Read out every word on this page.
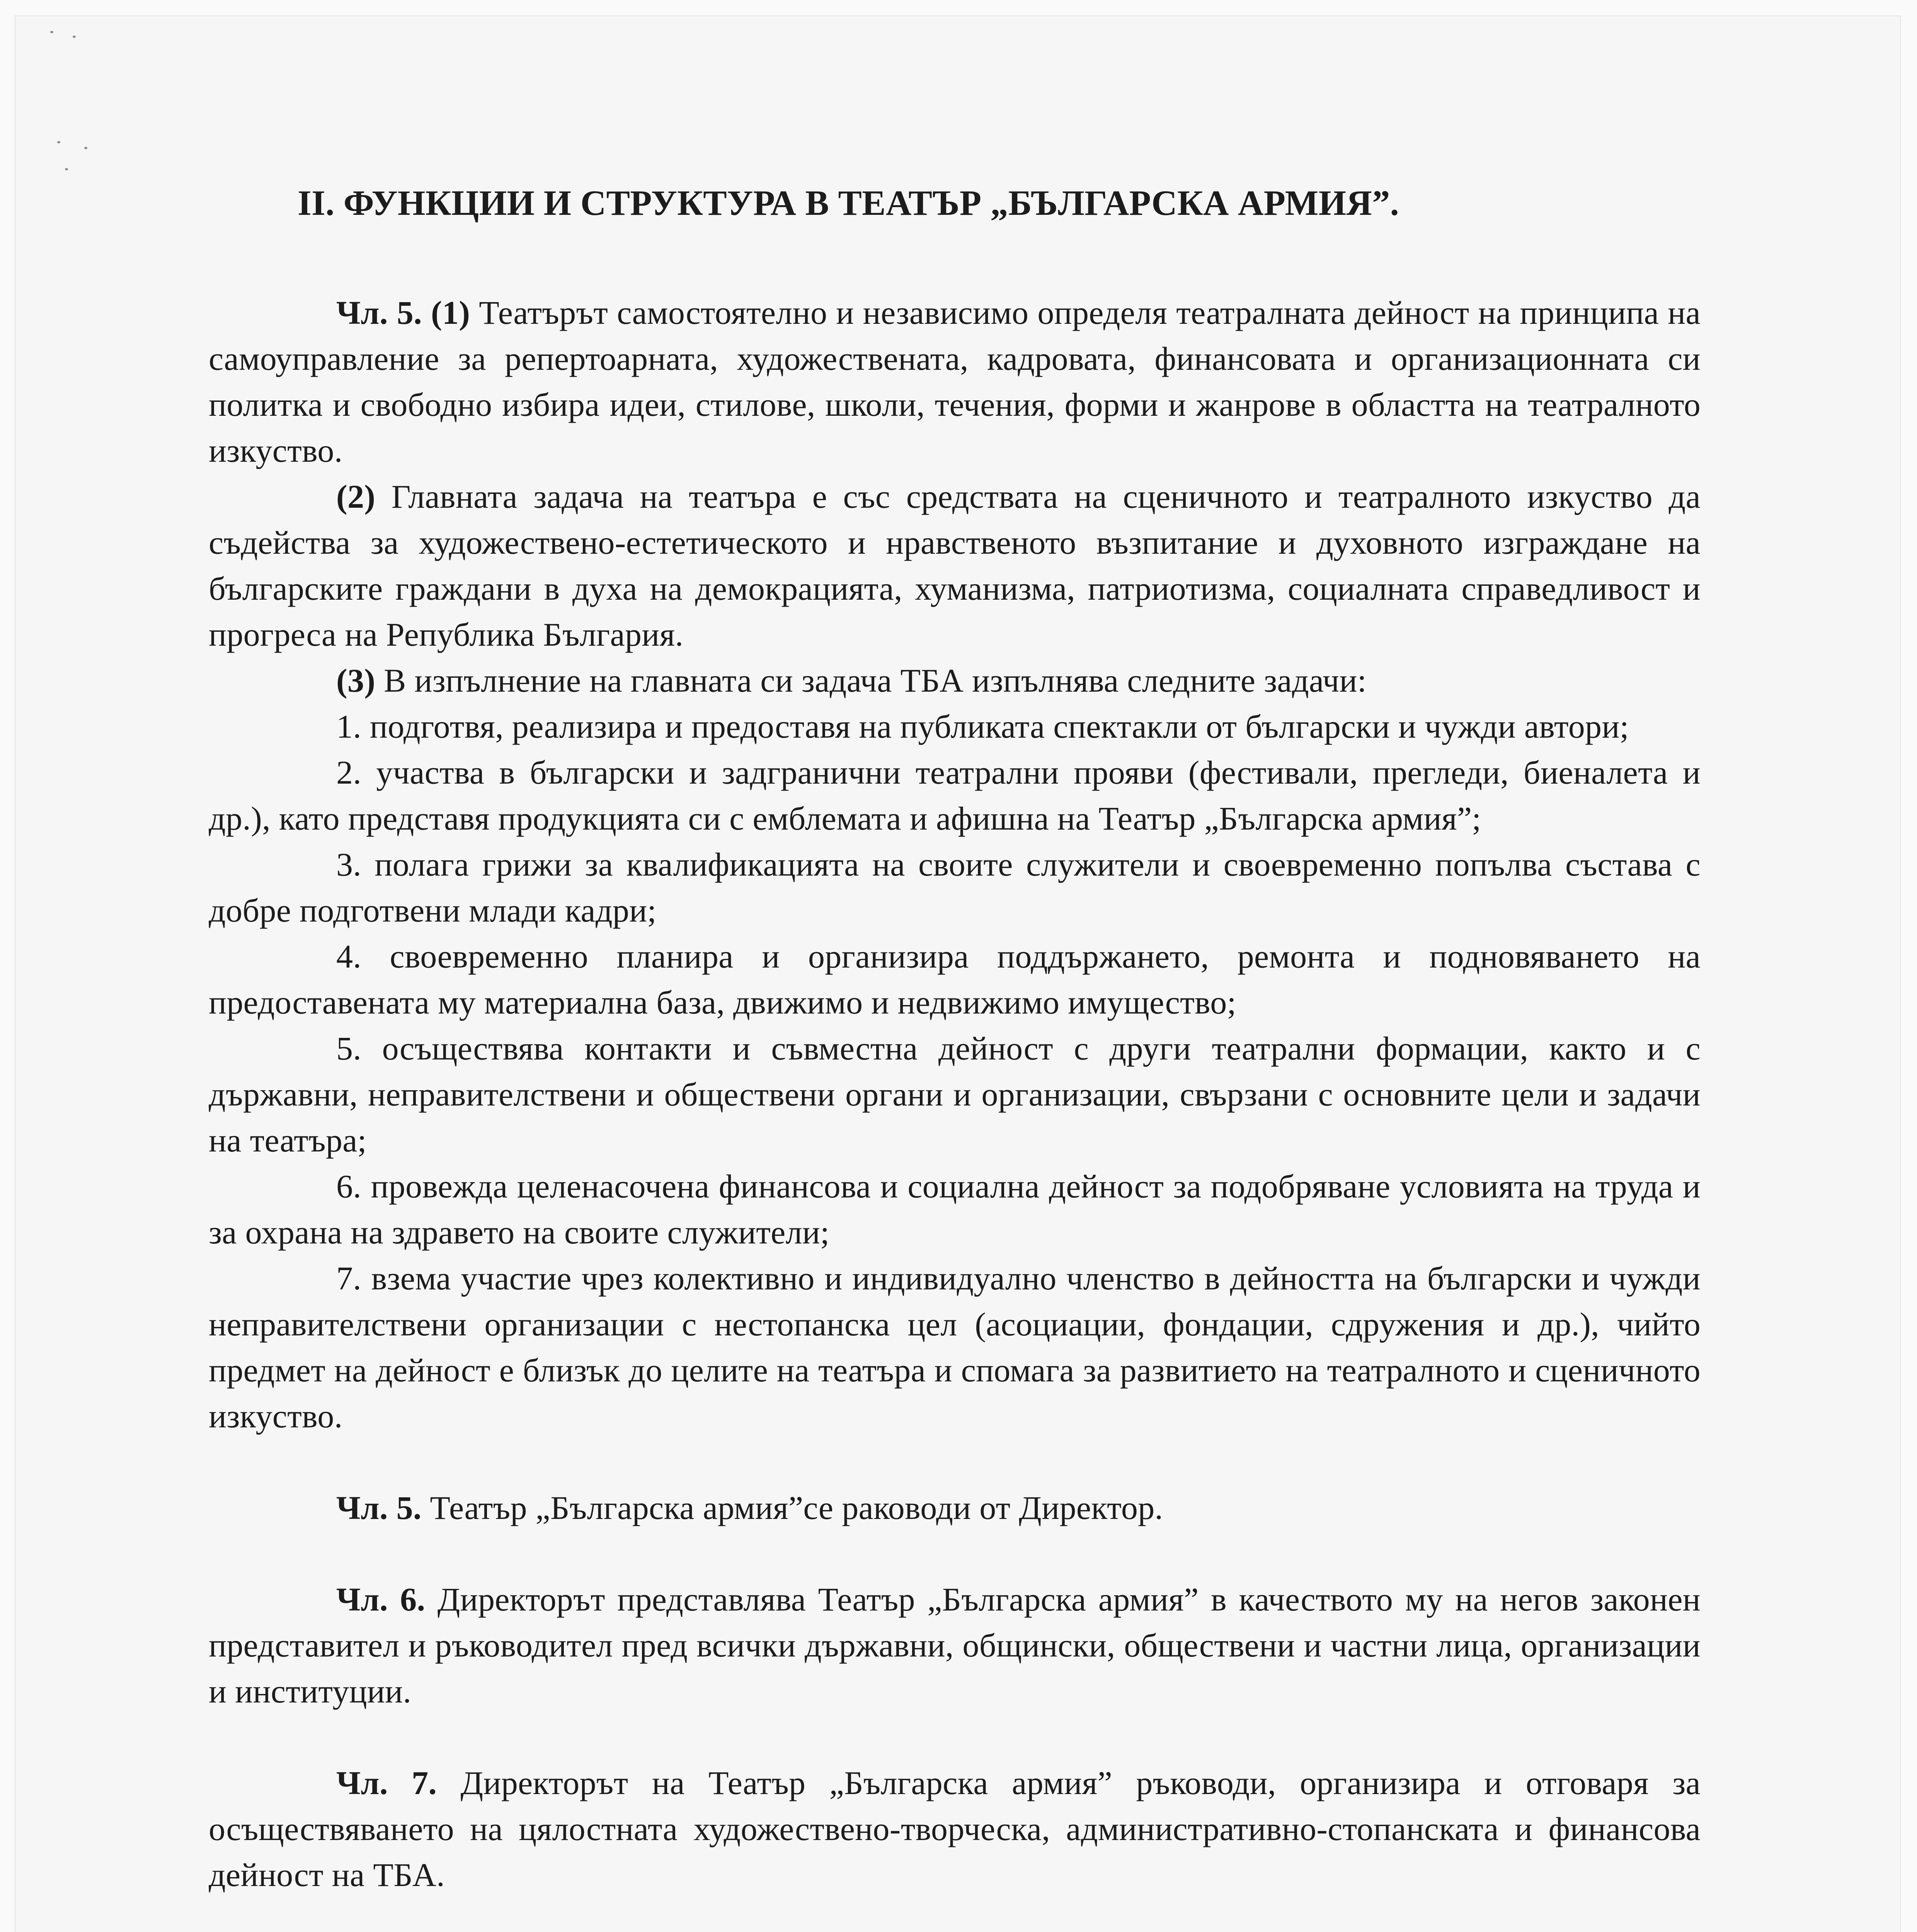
II. ФУНКЦИИ И СТРУКТУРА В ТЕАТЪР „БЪЛГАРСКА АРМИЯ”.

Чл. 5. (1) Театърът самостоятелно и независимо определя театралната дейност на принципа на самоуправление за репертоарната, художествената, кадровата, финансовата и организационната си политка и свободно избира идеи, стилове, школи, течения, форми и жанрове в областта на театралното изкуство.

(2) Главната задача на театъра е със средствата на сценичното и театралното изкуство да съдейства за художествено-естетическото и нравственото възпитание и духовното изграждане на българските граждани в духа на демокрацията, хуманизма, патриотизма, социалната справедливост и прогреса на Република България.

(3) В изпълнение на главната си задача ТБА изпълнява следните задачи:

1. подготвя, реализира и предоставя на публиката спектакли от български и чужди автори;

2. участва в български и задгранични театрални прояви (фестивали, прегледи, биеналета и др.), като представя продукцията си с емблемата и афишна на Театър „Българска армия”;

3. полага грижи за квалификацията на своите служители и своевременно попълва състава с добре подготвени млади кадри;

4. своевременно планира и организира поддържането, ремонта и подновяването на предоставената му материална база, движимо и недвижимо имущество;

5. осъществява контакти и съвместна дейност с други театрални формации, както и с държавни, неправителствени и обществени органи и организации, свързани с основните цели и задачи на театъра;

6. провежда целенасочена финансова и социална дейност за подобряване условията на труда и за охрана на здравето на своите служители;

7. взема участие чрез колективно и индивидуално членство в дейността на български и чужди неправителствени организации с нестопанска цел (асоциации, фондации, сдружения и др.), чийто предмет на дейност е близък до целите на театъра и спомага за развитието на театралното и сценичното изкуство.

Чл. 5. Театър „Българска армия”се раководи от Директор.

Чл. 6. Директорът представлява Театър „Българска армия” в качеството му на негов законен представител и ръководител пред всички държавни, общински, обществени и частни лица, организации и институции.

Чл. 7. Директорът на Театър „Българска армия” ръководи, организира и отговаря за осъществяването на цялостната художествено-творческа, административно-стопанската и финансова дейност на ТБА.
